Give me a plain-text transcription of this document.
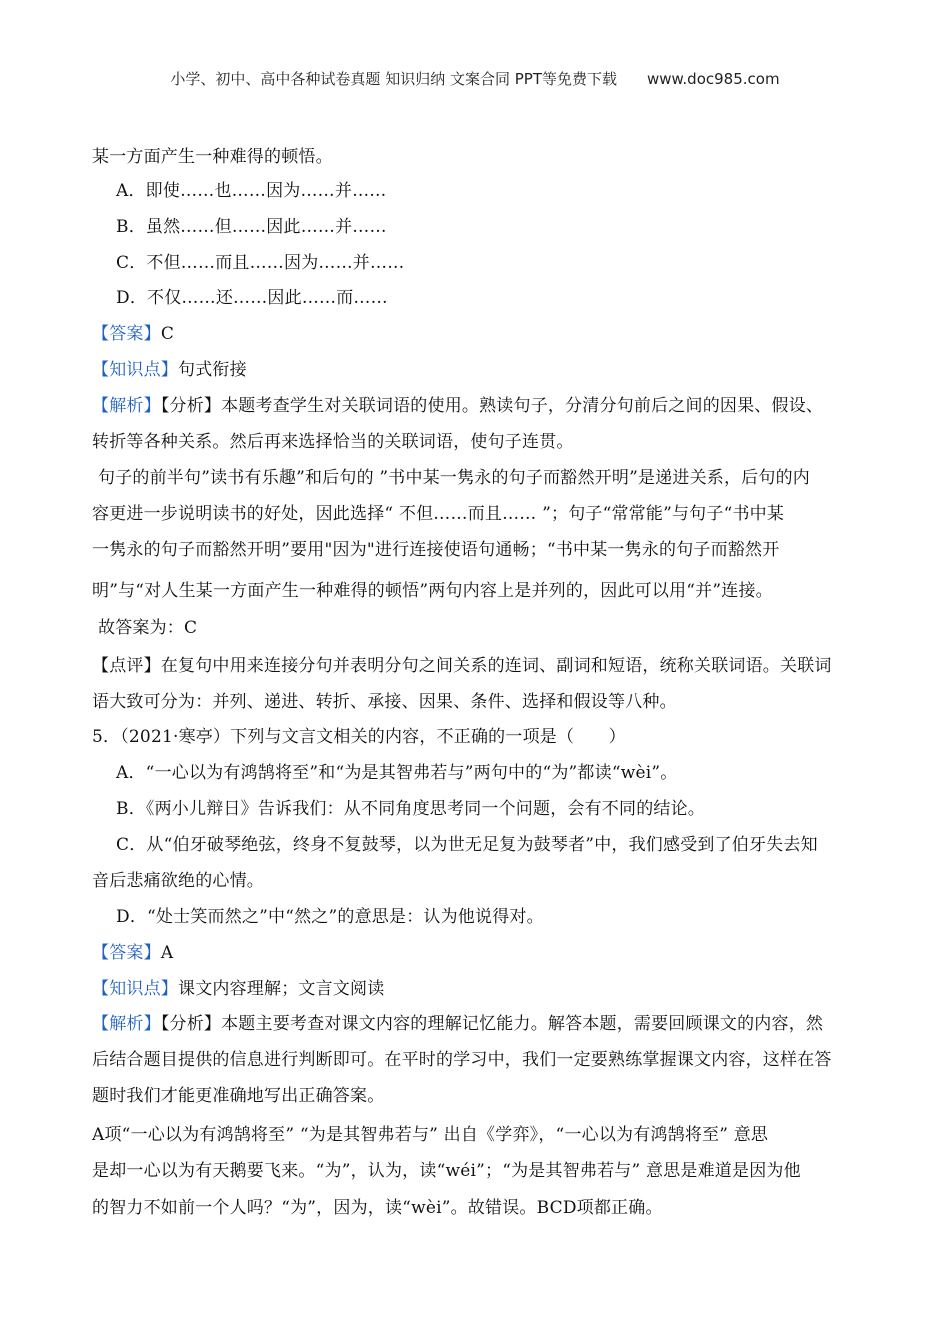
小学、初中、高中各种试卷真题 知识归纳 文案合同 PPT等免费下载 www.doc985.com
某一方面产生一种难得的顿悟。
A．即使……也……因为……并……
B．虽然……但……因此……并……
C．不但……而且……因为……并……
D．不仅……还……因此……而……
【答案】C
【知识点】句式衔接
【解析】【分析】本题考查学生对关联词语的使用。熟读句子，分清分句前后之间的因果、假设、
转折等各种关系。然后再来选择恰当的关联词语，使句子连贯。
句子的前半句”读书有乐趣”和后句的 ”书中某一隽永的句子而豁然开明”是递进关系，后句的内
容更进一步说明读书的好处，因此选择“ 不但……而且…… ”；句子“常常能”与句子“书中某
一隽永的句子而豁然开明”要用"因为"进行连接使语句通畅；“书中某一隽永的句子而豁然开
明”与“对人生某一方面产生一种难得的顿悟”两句内容上是并列的，因此可以用“并”连接。
故答案为：C
【点评】在复句中用来连接分句并表明分句之间关系的连词、副词和短语，统称关联词语。关联词
语大致可分为：并列、递进、转折、承接、因果、条件、选择和假设等八种。
5．（2021·寒亭）下列与文言文相关的内容，不正确的一项是（　　）
A．“一心以为有鸿鹄将至”和“为是其智弗若与”两句中的“为”都读“wèi”。
B．《两小儿辩日》告诉我们：从不同角度思考同一个问题，会有不同的结论。
C．从“伯牙破琴绝弦，终身不复鼓琴，以为世无足复为鼓琴者”中，我们感受到了伯牙失去知
音后悲痛欲绝的心情。
D．“处士笑而然之”中“然之”的意思是：认为他说得对。
【答案】A
【知识点】课文内容理解；文言文阅读
【解析】【分析】本题主要考查对课文内容的理解记忆能力。解答本题，需要回顾课文的内容，然
后结合题目提供的信息进行判断即可。在平时的学习中，我们一定要熟练掌握课文内容，这样在答
题时我们才能更准确地写出正确答案。
A项“一心以为有鸿鹄将至” “为是其智弗若与” 出自《学弈》，“一心以为有鸿鹄将至” 意思
是却一心以为有天鹅要飞来。“为”，认为，读“wéi”；“为是其智弗若与” 意思是难道是因为他
的智力不如前一个人吗？“为”，因为，读“wèi”。故错误。BCD项都正确。
